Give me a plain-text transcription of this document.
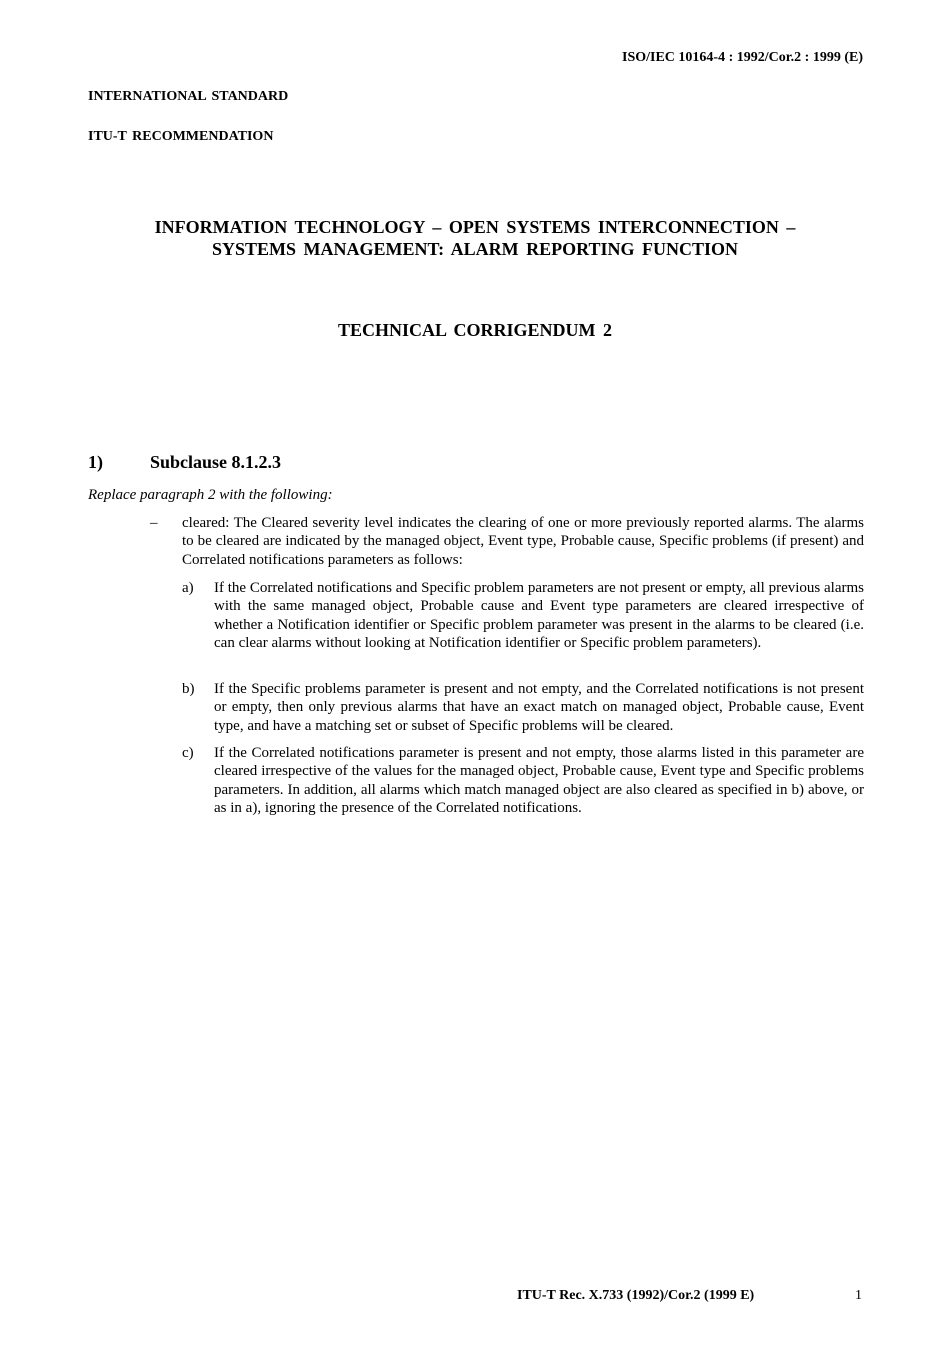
ISO/IEC 10164-4 : 1992/Cor.2 : 1999 (E)
INTERNATIONAL STANDARD
ITU-T RECOMMENDATION
INFORMATION TECHNOLOGY – OPEN SYSTEMS INTERCONNECTION –
SYSTEMS MANAGEMENT: ALARM REPORTING FUNCTION
TECHNICAL CORRIGENDUM 2
1)	Subclause 8.1.2.3
Replace paragraph 2 with the following:
– cleared: The Cleared severity level indicates the clearing of one or more previously reported alarms. The alarms to be cleared are indicated by the managed object, Event type, Probable cause, Specific problems (if present) and Correlated notifications parameters as follows:
a) If the Correlated notifications and Specific problem parameters are not present or empty, all previous alarms with the same managed object, Probable cause and Event type parameters are cleared irrespective of whether a Notification identifier or Specific problem parameter was present in the alarms to be cleared (i.e. can clear alarms without looking at Notification identifier or Specific problem parameters).
b) If the Specific problems parameter is present and not empty, and the Correlated notifications is not present or empty, then only previous alarms that have an exact match on managed object, Probable cause, Event type, and have a matching set or subset of Specific problems will be cleared.
c) If the Correlated notifications parameter is present and not empty, those alarms listed in this parameter are cleared irrespective of the values for the managed object, Probable cause, Event type and Specific problems parameters. In addition, all alarms which match managed object are also cleared as specified in b) above, or as in a), ignoring the presence of the Correlated notifications.
ITU-T Rec. X.733 (1992)/Cor.2 (1999 E)	1
